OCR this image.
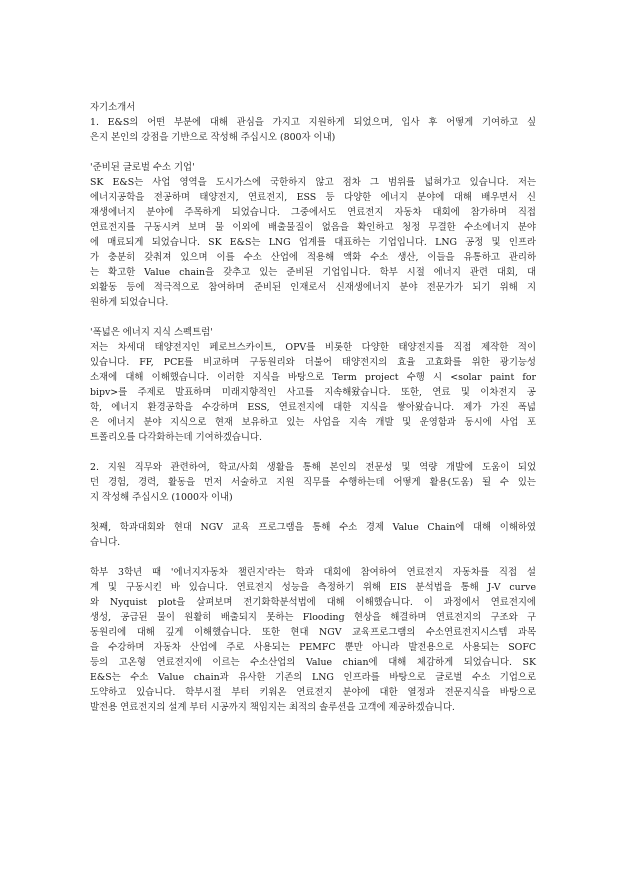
자기소개서
1. E&S의 어떤 부분에 대해 관심을 가지고 지원하게 되었으며, 입사 후 어떻게 기여하고 싶
은지 본인의 강점을 기반으로 작성해 주십시오 (800자 이내)
'준비된 글로벌 수소 기업'
SK E&S는 사업 영역을 도시가스에 국한하지 않고 점차 그 범위를 넓혀가고 있습니다. 저는
에너지공학을 전공하며 태양전지, 연료전지, ESS 등 다양한 에너지 분야에 대해 배우면서 신
재생에너지 분야에 주목하게 되었습니다. 그중에서도 연료전지 자동차 대회에 참가하며 직접
연료전지를 구동시켜 보며 물 이외에 배출물질이 없음을 확인하고 청정 무결한 수소에너지 분야
에 매료되게 되었습니다. SK E&S는 LNG 업계를 대표하는 기업입니다. LNG 공정 및 인프라
가 충분히 갖춰져 있으며 이를 수소 산업에 적용해 액화 수소 생산, 이들을 유통하고 관리하
는 확고한 Value chain을 갖추고 있는 준비된 기업입니다. 학부 시절 에너지 관련 대회, 대
외활동 등에 적극적으로 참여하며 준비된 인재로서 신재생에너지 분야 전문가가 되기 위해 지
원하게 되었습니다.
'폭넓은 에너지 지식 스펙트럼'
저는 차세대 태양전지인 페로브스카이트, OPV를 비롯한 다양한 태양전지를 직접 제작한 적이
있습니다. FF, PCE를 비교하며 구동원리와 더불어 태양전지의 효율 고효화를 위한 광기능성
소재에 대해 이해했습니다. 이러한 지식을 바탕으로 Term project 수행 시 <solar paint for
bipv>를 주제로 발표하며 미래지향적인 사고를 지속해왔습니다. 또한, 연료 및 이차전지 공
학, 에너지 환경공학을 수강하며 ESS, 연료전지에 대한 지식을 쌓아왔습니다. 제가 가진 폭넓
은 에너지 분야 지식으로 현재 보유하고 있는 사업을 지속 개발 및 운영함과 동시에 사업 포
트폴리오를 다각화하는데 기여하겠습니다.
2. 지원 직무와 관련하여, 학교/사회 생활을 통해 본인의 전문성 및 역량 개발에 도움이 되었
던 경험, 경력, 활동을 먼저 서술하고 지원 직무를 수행하는데 어떻게 활용(도움) 될 수 있는
지 작성해 주십시오 (1000자 이내)
첫째, 학과대회와 현대 NGV 교육 프로그램을 통해 수소 경제 Value Chain에 대해 이해하였
습니다.
학부 3학년 때 '에너지자동차 챌린지'라는 학과 대회에 참여하여 연료전지 자동차를 직접 설
계 및 구동시킨 바 있습니다. 연료전지 성능을 측정하기 위해 EIS 분석법을 통해 J-V curve
와 Nyquist plot을 살펴보며 전기화학분석법에 대해 이해했습니다. 이 과정에서 연료전지에
생성, 공급된 물이 원활히 배출되지 못하는 Flooding 현상을 해결하며 연료전지의 구조와 구
동원리에 대해 깊게 이해했습니다. 또한 현대 NGV 교육프로그램의 수소연료전지시스템 과목
을 수강하며 자동차 산업에 주로 사용되는 PEMFC 뿐만 아니라 발전용으로 사용되는 SOFC
등의 고온형 연료전지에 이르는 수소산업의 Value chian에 대해 체감하게 되었습니다. SK
E&S는 수소 Value chain과 유사한 기존의 LNG 인프라를 바탕으로 글로벌 수소 기업으로
도약하고 있습니다. 학부시절 부터 키워온 연료전지 분야에 대한 열정과 전문지식을 바탕으로
발전용 연료전지의 설계 부터 시공까지 책임지는 최적의 솔루션을 고객에 제공하겠습니다.
